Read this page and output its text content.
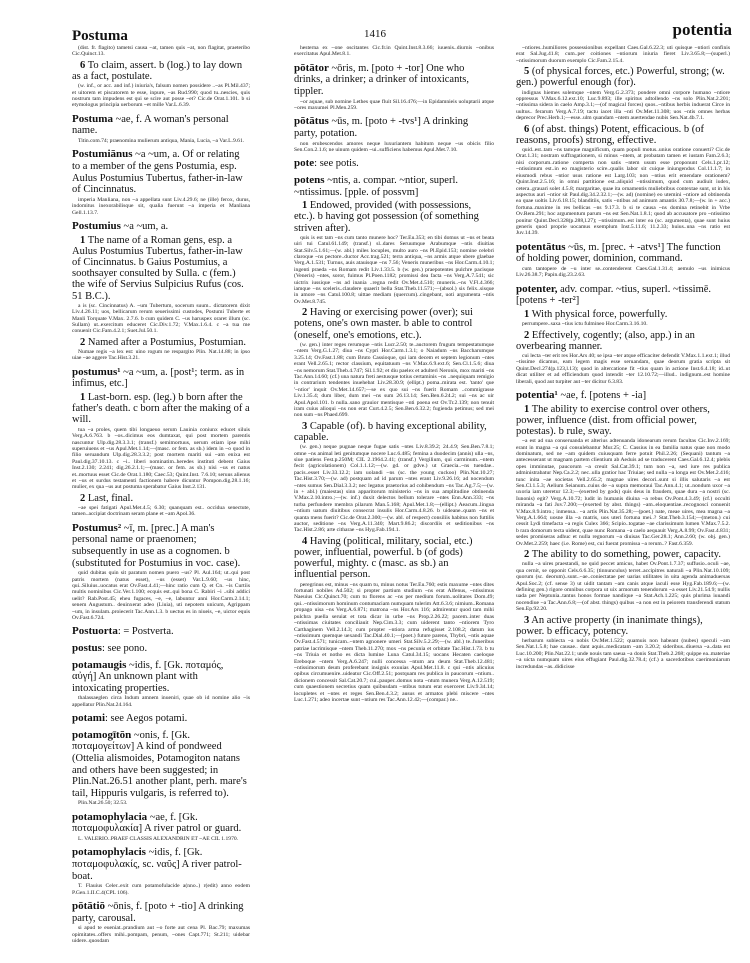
Postuma	1416	potentia
(dist. fr. flagito) tametsi causa ~at, tamen quis ~at, non flagitat, praeteribo Cic.Quinct.13.
6 To claim, assert. b (log.) to lay down as a fact, postulate.
(w. inf., or acc. and inf.) iniuria's, falsum nomen possidere ..~as Pl.Mil.437; et uitorem et piscatorem te esse, inpure, ~as Rud.990; quod tu..nescies, quis nostrum tam impudens est qui se scire aut posse ~et? Cic.de Orat.1.101. b si etymologus principia uerborum ~et mille Var.L.6.39.
Postuma ~ae, f. A woman's personal name.
Titin.com.74; praenomina mulierum antiqua, Mania, Lucia, ~a Var.L.9.61.
Postumiānus ~a ~um, a. Of or relating to a member of the gens Postumia, esp. Aulus Postumius Tubertus, father-in-law of Cincinnatus.
imperia Manliana, non ~a appellata sunt Liv.4.29.6; ne (ille) ferox, durus, indomitus inexorabilisque sit, qualia fuerunt ~a imperia et Manliana Gell.1.13.7.
Postumius ~a ~um, a.
1 The name of a Roman gens, esp. a Aulus Postumius Tubertus, father-in-law of Cincinnatus. b Gaius Postumius, a soothsayer consulted by Sulla. c (fem.) the wife of Servius Sulpicius Rufus (cos. 51 B.C.).
a is (sc. Cincinnatus) A. ~um Tubertum, socerum suum.. dictatorem dixit Liv.4.26.11; uos, bellicarum rerum seuerissimi custodes, Postumi Tuberte et Manli Torquate V.Max. 2.7.6. b cum quidem C. ~us haruspex oraret illum (sc. Sullam) ut..exercitum educeret Cic.Div.1.72; V.Max.1.6.4. c ~a tua me conuenit Cic.Fam.4.2.1; Suet.Jul.50.1.
2 Named after a Postumius, Postumian.
Numae regis ~a lex est: uino rogum ne respargito Plin. Nat.14.88; in ipso uiae ~ae aggere Tac.Hist.3.21.
postumus¹ ~a ~um, a. [post¹; term. as in infimus, etc.]
1 Last-born. esp. (leg.) b born after the father's death. c born after the making of a will.
tua ~a proles, quem tibi longaeuo serum Lauinia coniunx educet siluis Verg.A.6.763. b ~os..dicimus eos dumtaxat, qui post mortem parentis nascuntur Ulp.dig.28.3.3.1; (transf.) semimortuus, uerum etiam ipse mihi superuiuens et ~us Apul.Met.1.14;—(masc. or fem. as sb.) idem in ~o quod in filio seruandum Ulp.dig.28.3.3.2; post mortem mariti sui ~am enixa est Paul.dig.37.10.13. c ~i.. liberi nominatim..heredes instituti debent Gaius Inst.2.130; 2.241; dig.26.2.1.1;—(masc. or fem. as sb.) nisi ~us et natus et..mortuus esset Cic.de Orat.1.180; Caec.53; Quint.Inst. 7.6.10; seruus alienus et ~us et surdus testamenti factionem habere dicuntur Pompon.dig.28.1.16; mulier, ex qua ~us aut postuma sperabatur Gaius Inst.2.131.
2 Last, final.
~ae spei fatigati Apul.Met.4.5; 6.30; quanquam est.. occidua senectute, tamen..accipiat doctrinam seram plane et ~am Apol.36.
Postumus² ~ī, m. [prec.] A man's personal name or praenomen; subsequently in use as a cognomen. b (substituted for Postumius in voc. case).
quid dubitas quin sit paratum nomen puero ~us? Pl. Aul.164; ut..qui post patris mortem (natus esset), ~us (esset) Var.L.9.60; ~us hinc, qui..Siluius..uocatus erat Ov.Fast.4.41;—hinc ratio cum Q. et Cn. ~is Curtiis multis nominibus Cic.Ver.1.100; ecquis est..qui bona C. Rabiri ~i ..sibi addici uelit? Rab.Post.45; eheu fugaces, ~e, ~e, labuntur anni Hor.Carm.2.14.1; senem Augustum.. deuinxerat adeo (Liuia), uti nepotem unicum, Agrippam ~um, in insulam..proiecerit Tac.Ann.1.3. b uectus es in niueis, ~e, uictor equis Ov.Fast.6.724.
Postuorta: = Postverta.
postus: see pono.
potamaugis ~idis, f. [Gk. ποταμός, αὐγή] An unknown plant with intoxicating properties.
thalassaeglen circa Indum amnem inueniri, quae ob id nomine alio ~is appellatur Plin.Nat.24.164.
potami: see Aegos potami.
potamogītōn ~onis, f. [Gk. ποταμογείτων] A kind of pondweed (Ottelia alismoides, Potamogiton natans and others have been suggested; in Plin.Nat.26.51 another plant, perh. mare's tail, Hippuris vulgaris, is referred to).
Plin.Nat.26.50; 32.53.
potamophylacia ~ae, f. [Gk. ποταμοφυλακία] A river patrol or guard.
L. VALERIO..PRAEF CLASSIS ALEXANDRIN ET ~AE CIL 1.1970.
potamophylacis ~idis, f. [Gk. ποταμοφυλακίς, sc. ναῦς] A river patrol-boat.
T. Flauius Celer..exit cum potamofulacide a(nno..) r(edit) anno eodem P.Gen.1.II.C.4(CPL 106).
pōtātiō ~ōnis, f. [poto + -tio] A drinking party, carousal.
si apud te eueniat..prandium aut ~o forte aut cena Pl. Bac.79; maxumas opimitates..offers mihi..pompam, penum, ~ones Capt.771; St.211; uidebar uidere..quosdam
hesterna ex ~one oscitantes Cic.fr.in Quint.Inst.8.3.66; iuuenis..diurnis ~onibus exercitatus Apul.Met.8.1.
pōtātor ~ōris, m. [poto + -tor] One who drinks, a drinker; a drinker of intoxicants, tippler.
~or aquae, sub nomine Lethes quae fluit Sil.16.476;—in Epidamnieis uoluptarii atque ~ores maxumei Pl.Men.259.
pōtātus ~ūs, m. [poto + -tvs¹] A drinking party, potation.
non erubescendos amores neque luxuriantem habitum neque ~us obicis filio Sen.Con.2.1.6; ne uinum quidem ~ui..sufficiens habemus Apul.Met.7.10.
pote: see potis.
potens ~ntis, a. compar. ~ntior, superl. ~ntissimus. [pple. of possvm]
1 Endowed, provided (with possessions, etc.). b having got possession (of something striven after).
quis is est tam ~ns cum tanto munere hoc? Ter.Eu.353; en tibi domus ut ~ns et beata uiri tui Catul.61.149; (transf.) sl..dares Seruumque Arabumque ~ntis diuitias Stat.Silv.5.1.61;—(w. abl.) miles locuples, multo auro ~ns Pl.Epid.153; nomine celebri claroque ~ns pectore..ductor Acc.trag.521; terra antiqua, ~ns armis atque ubere glaebae Verg.A.1.531; Turnus, auis atauisque ~ns 7.56; Veneris muneribus ~ns Hor.Carm.4.10.1; ingenti praeda ~ns Romam redit Liv.1.33.5. b (w. gen.) praepotentes pulchre pacisque (Veneris) ~ntes, soror, fuimus Pl.Poen.1182; promissi dea facta ~ns Verg.A.7.541; sic uictrix iussique ~ns ad inania ..regna redit Ov.Met.4.510; muneris..~ns V.Fl.4.366; iamque ~ns sceleris..claudere quaerit bella Stat.Theb.11.571;—(absol.) sis felix..sisque in amore ~ns Catul.100.8; uittae mediam (quercum)..cingebant, uoti argumenta ~ntis Ov.Met.8.745.
2 Having or exercising power (over); sui potens, one's own master. b able to control (oneself, one's emotions, etc.).
(w. gen.) inter reges rerumque ~ntis Lucr.2.50; te..auctorem frugum tempestatumque ~ntem Verg.G.1.27; diua ~ns Cypri Hor.Carm.1.3.1; o Naiadum ~ns Baccharumque 3.25.14; Ov.Fast.1.88; cum Bruto Cassioque, qui iam decem et septem legionum ~ntes erant Vell.2.65.1; rector classium, equitatuum ~ns V.Max.6.9.ext.6; Sen.Cl.1.5.6; diua ~ns nemorum Stat.Theb.4.747; Sil.1.92; et diu paelex et adulteri Neronis, mox mariti ~ns Tac.Ann.14.60; (cf.) una natura freti aestusque totius certaminis ~ns ..nequiquam remigio in contrarium tendentes inuehebat Liv.28.30.9; (ellipt.) poma..mirata est. 'tanto' que '~ntior' inquit Ov.Met.14.657;—se ex quo sui ~ns fuerit Romam ..commigrasse Liv.1.35.4; dum liber, dum mei ~ns sum 26.13.14; Sen.Ben.6.24.2; sui ~ns ac uir Apul.Apol.101. b nulla..sano grauior mentisque ~nti poena est Ov.Tr.2.139; non tenuit iram cuius alioqui ~ns non erat Curt.4.2.5; Sen.Ben.6.32.2; fugienda petimus; sed mei non sum ~ns Phaed.699.
3 Capable (of). b having exceptional ability, capable.
(w. gen.) neque pugnae neque fugae satis ~ntes Liv.8.39.2; 24.4.9; Sen.Ben.7.8.1; omne ~ns animal leti genitumque nocere Luc.6.485; femina a duodecim (annis) ulla ~ns, siue patiens Fest.p.250M; CIL 2.1964.2.41; (transf.) Vergilium, qui carminum..~ntem fecit (agricolationem) Col.1.1.12;—(w. gd. or gdve.) ut Graecia..~ns tuendae.. pacis..esset Liv.33.12.2; iam uolandi ~ns (sc. the young cuckoo) Plin.Nat.10.27; Tac.Hist.3.70;—(w. ad) postquam ad id parum ~ntes erant Liv.9.26.16; ad nocendum ~ntes sumus Sen.Dial.3.3.2; nec legatus praetorius ad cohibendum ~ns Tac.Ag.7.5;—(w. in + abl.) (maiestas) sinn apparitorum ministerio ~ns in sua amplitudine obtinenda V.Max.2.10.intro.;—(w. inf.) duxit delectos bellum tolerare ~ntes Enn.Ann.333; ~ns turba perfundere membra pilarum Man.5.168; Apul.Met.1.8;—(ellipt.) Aeacum..lingua ~ntium uatum diuitibus consecrat insulis Hor.Carm.4.8.26. b uideane..quam ~ns et quanta mens fuerit? Cic.de Orat.2.300;—(w. abl. of respect) consiliis habitus non futtilis auctor, seditione ~ns Verg.A.11.340; Mart.9.86.2; discordiis et seditionibus ~ns Tac.Hist.2.86; arte citharae ~ns Hyg.Fab.194.1.
4 Having (political, military, social, etc.) power, influential, powerful. b (of gods) powerful, mighty. c (masc. as sb.) an influential person.
peregrinus est, minus ~ns quam tu, minus notus Ter.Eu.760; estis maxume ~ntes dites fortunati nobiles Ad.502; si propter partium studium ~ns erat Alfenus, ~ntissimus Naeuius Cic.Quinct.70; cum tu florens ac ~ns per medium forum..uolitares Dom.49; qui..~ntissimorum hominum contumaciam numquam tulerim Att.6.3.6; nimium..Romana propago uisa ~ns Verg.A.6.871; matrona ~ns Hor.Ars 116; admirentur quod tam mihi pulchra puella seruiat et tota dicar in urbe ~ns Prop.2.26.22; pacem..inter duas ~ntissimas ciuitates conciliauit Nep.Cim.3.3; cum uiderent tanto ~ntiorem Tyro Carthaginem Vell.2.14.3; cum propter ~ntiora arma refugisset 2.108.2; datum ius ~ntissimum quemque uexandi Tac.Dial.40.1;—(poet.) future parens, Thybri, ~ntis aquae Ov.Fast.4.571; tunicam..~ntem agnonere umeri Stat.Silv.5.2.29;—(w. abl.) te..funeribus patriae lacrimisque ~ntem Theb.11.270; mox ~ns pecunia et orbitate Tac.Hist.1.73. b tu ~ns Triuia et notho es dicta lumine Luna Catul.34.15; uocans Hecaten caeloque Ereboque ~ntem Verg.A.6.247; nulli concessa ~ntum ara deum Stat.Theb.12.481; ~ntissimorum deum proferebant insignis exuuias Apul.Met.11.8. c qui ~ntis alicuius opibus circumuenire..uideatur Cic.Off.2.51; postquam res publica in paucorum ~ntium.. dicionem concessit Sal.Cat.20.7; cui..pauper..domus nota ~ntum munera Verg.A.12.519; cum quaestionem secretius quam quibusdam ~ntibus tutum erat exerceret Liv.9.34.14; locupletes et ~ntes et reges Sen.Ben.4.3.2; ausus et armatos plebi miscere ~ntes Luc.1.271; adeo incertae sunt ~ntium res Tac.Ann.12.42;—(compar.) ne..
~ntiores..humiliores possessionibus expellant Caes.Gal.6.22.3; uti quisque ~ntiori confinis erat Sal.Jug.41.8; cum..per coitiones ~ntiorum iniuria fieret Liv.3.65.8;—(superl.) ~ntissimorum duorum exemplo Cic.Fam.2.15.4.
5 (of physical forces, etc.) Powerful, strong; (w. gen.) powerful enough (for).
indignas hiemes solemque ~ntem Verg.G.2.373; pondere omni corpore humano ~ntiore oppressus V.Max.6.12.ext.10; Luc.9.893; ille spiritus adtollendo ~ns solo Plin.Nat.2.201; ~ntissima sidera in caelo Amp.3.1;—(of magical forces) quos..~ntibus herbis induerat Circe in uultus.. ferarum Verg.A.7.19; tactu iacet illa ~nti Ov.Met.11.308; uos ~ntis omnes herbas deprecor Prec.Herb.1;—esse..ulm quandam ~ntem auertendae nubis Sen.Nat.4b.7.1.
6 (of abst. things) Potent, efficacious. b (of reasons, proofs) strong, effective.
quid..est..tam ~ns tamque magnificum, quam populi motus..unius oratione conuerti? Cic.de Orat.1.31; nostram suffragationem, si minus ~ntem, at probatam tamen et iustam Fam.2.6.3; nisi corporum..ratione comperta non satis ~ntem usum esse proponunt Cels.1.pr.12; ~ntissimum est..in eo magisterio scire..qualis labor sit cuique iniungendus Col.11.1.7; in eiusmodi rebus ~ntior usus ratione est Larg.103; non ~ntius erit emendare orationem? Quint.Inst.2.5.16; in omni partitione est..aliquid ~ntissimum, quod cum audiuit iudex, cetera..grauari solet 4.5.8; margaritae, quae ita ornamentis muliebribus contextae sunt, ut in his aspectus auri ~ntior sit Paul.dig.34.2.32.1;—(w. ad) (nomine) eo utemini ~ntiore ad obtinenda ea quae uoltis Liv.6.18.15; blanditiis, satis ~ntibus ad animum amantis 30.7.8;—(w. in + acc.) fortuna..maxime in res bellicas ~ns 9.17.3. b si te causa ~ns domina retinebit in Vrbe Ov.Rem.291; hoc argumentum parum ~ns est Sen.Nat.1.8.1; quod ab accusatore pro ~ntissimo ponitur Quint.Decl.328(p.288,l.27); ~ntissimum..est inter ea (sc. argumenta), quae sunt huius generis quod proprie uocamus exemplum Inst.5.11.6; 11.2.33; huius..una ~ns ratio est Juv.14.39.
potentātus ~ūs, m. [prec. + -atvs¹] The function of holding power, dominion, command.
cum tantopere de ~u inter se..contenderent Caes.Gal.1.31.4; aemulo ~us inimicus Liv.26.38.7; Papin.dig.23.2.63.
potenter, adv. compar. ~tius, superl. ~tissimē. [potens + -ter²]
1 With physical force, powerfully.
perrumpere..saxa ~tius ictu fulmineo Hor.Carm.3.16.10.
2 Effectively, cogently; (also, app.) in an overbearing manner.
cui lecta ~ter erit res Hor.Ars 40; se ipsa ~ter atque efficaciter defendit V.Max.1.1.ext.1; illud ~tissime dicamus, eam legem magis esse seruandam, quae deorum gratia scripta sit Quint.Decl.274(p.123,l.13); quod in altercatione fit ~tius quam in actione Inst.6.4.18; id..ut dicat utiliter et ad efficiendum quod intendit ~ter 12.10.72;—illud.. indignum..est homine liberali, quod aut turpiter aut ~ter dicitur 6.3.83.
potentia¹ ~ae, f. [potens + -ia]
1 The ability to exercise control over others, power, influence (dist. from official power, potestas). b rule, sway.
~a est ad sua conseruanda et alterius adtenuanda idonearum rerum facultas Cic.Inv.2.169; erant in magna ~a qui consulebantur Mur.25; C. Cassius in ea familia natus quae non modo dominatum, sed ne ~am quidem cuiusquam ferre potuit Phil.2.26; (Sequani) tantum ~a antecesserant ut magnam partem clientium ab Aeduis ad se traducerent Caes.Gal.6.12.4; plebis opes imminutae, paucorum ~a creuit Sal.Cat.39.1; tum non ~a, sed iure res publica administrabatur Nep.Ca.2.2; nec..ulla gratior hac Triuiae; sed nulla ~a longa est Ov.Met.2.416; tunc inita ~ae societas Vell.2.65.2; magnae uires decori..sunt si illis salutaris ~a est Sen.Cl.1.5.3; Aelium Seianum..cuius de ~a supra memoraui Tac.Ann.4.1; ut..nondum uxor ~a uxoria iam uteretur 12.3;—(exerted by gods) quis deus in fraudem, quae dura ~a nostri (sc. Iunonis) egit? Verg.A.10.72; ludit in humanis diuina ~a rebus Ov.Pont.4.3.49; (cf.) occulti miranda ~a fati Juv.7.200;—(exerted by abst. things) ~am..eloquentiae..recognosci conuenit V.Max.8.9.intro.; inmensa.. ~a artis Plin.Nat.35.28;—(poet.) nate, meae uires, mea magna ~a Verg.A.1.664; uosne illa ~a matris, uos uteri fortuna mei..? Stat.Theb.3.154;—(meton.) cui cessit Lydi timefacta ~a regis Culex 366; Scipio..togatae ~ae clarissimum lumen V.Max.7.5.2. b rara domorum tecta uident, quae nunc Romana ~a caelo aequauit Verg.A.8.99; Ov.Fast.4.831; sedes promiseras adhuc et nulla regnorum ~a diuisas Tac.Ger.28.1; Ann.2.60; (w. obj. gen.) Ov.Met.2.259; haec (i.e. Rome) est, cui fuerat promissa ~a rerum..? Fast.6.359.
2 The ability to do something, power, capacity.
nulla ~a uires praestandi, ne quid peccet amicus, habet Ov.Pont.1.7.37; suffusio..oculi ~ae, qua cernit, se opponit Cels.6.6.35; (tinnunculus) terret..accipitres naturali ~a Plin.Nat.10.109; quorum (sc. deorum)..sunt..~ae..coniectatae per uarias utilitates in uita agenda animaduersas Apul.Soc.2; (cf. sense 3) ut uidit tantam ~am canis atque iaculi esse Hyg.Fab.189.6;—(w. defining gen.) rigore omnibus corpora ut uix armorum tenendorum ~a esset Liv.21.54.9; nullis uada per Neptunia..tantus honos formae nandique ~a Stat.Ach.1.225; quis plurima iuuandi nocendiue ~a Tac.Ann.6.8;—(of abst. things) quibus ~a non est in peiorem transferendi statum Sen.Ep.92.20.
3 An active property (in inanimate things), power. b efficacy, potency.
herbarum subiecta ~a nobis Ov.Met.1.522; quamuis non habeant (nubes) speculi ~am Sen.Nat.1.5.8; hae causae.. dant aquis..medicatam ~am 3.20.2; sideribus..diuersa ~a..data est Luc.10.200; Plin.Nat.22.1; unde nouis tam saeua ~a donis Stat.Theb.2.268; quippe ea..materiae ~a uicta numquam uires eius effugiant Paul.dig.32.78.4; (cf.) a sacerdotibus caerimoniarum incredundas ~as..didicisse
